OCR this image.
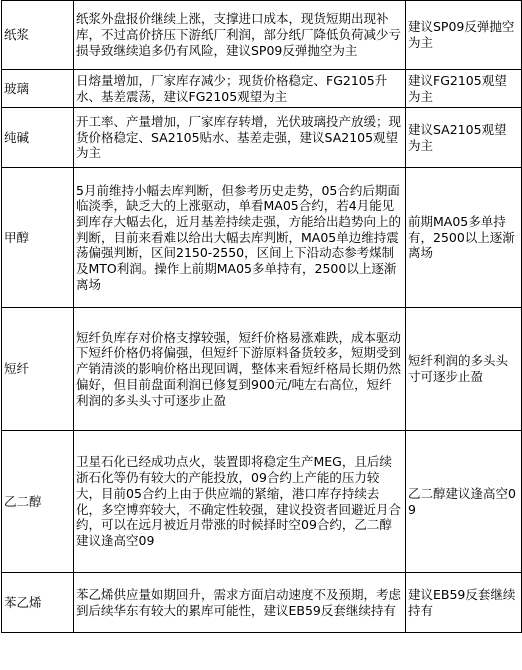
纸浆	纸浆外盘报价继续上涨，支撑进口成本，现货短期出现补库，不过高价挤压下游纸厂利润，部分纸厂降低负荷减少亏损导致继续追多仍有风险，建议SP09反弹抛空为主	建议SP09反弹抛空为主
玻璃	日熔量增加，厂家库存减少；现货价格稳定、FG2105升水、基差震荡，建议FG2105观望为主	建议FG2105观望为主
纯碱	开工率、产量增加，厂家库存转增，光伏玻璃投产放缓；现货价格稳定、SA2105贴水、基差走强，建议SA2105观望为主	建议SA2105观望为主
甲醇	5月前维持小幅去库判断，但参考历史走势，05合约后期面临淡季，缺乏大的上涨驱动，单看MA05合约，若4月能见到库存大幅去化，近月基差持续走强，方能给出趋势向上的判断，目前来看难以给出大幅去库判断，MA05单边维持震荡偏强判断，区间2150-2550，区间上下沿动态参考煤制及MTO利润。操作上前期MA05多单持有，2500以上逐渐离场	前期MA05多单持有，2500以上逐渐离场
短纤	短纤负库存对价格支撑较强，短纤价格易涨难跌，成本驱动下短纤价格仍将偏强，但短纤下游原料备货较多，短期受到产销清淡的影响价格出现回调，整体来看短纤格局长期仍然偏好，但目前盘面利润已修复到900元/吨左右高位，短纤利润的多头头寸可逐步止盈	短纤利润的多头头寸可逐步止盈
乙二醇	卫星石化已经成功点火，装置即将稳定生产MEG，且后续浙石化等仍有较大的产能投放，09合约上产能的压力较大，目前05合约上由于供应端的紧缩，港口库存持续去化，多空博弈较大，不确定性较强，建议投资者回避近月合约，可以在远月被近月带涨的时候择时空09合约，乙二醇建议逢高空09	乙二醇建议逢高空09
苯乙烯	苯乙烯供应量如期回升，需求方面启动速度不及预期，考虑到后续华东有较大的累库可能性，建议EB59反套继续持有	建议EB59反套继续持有
